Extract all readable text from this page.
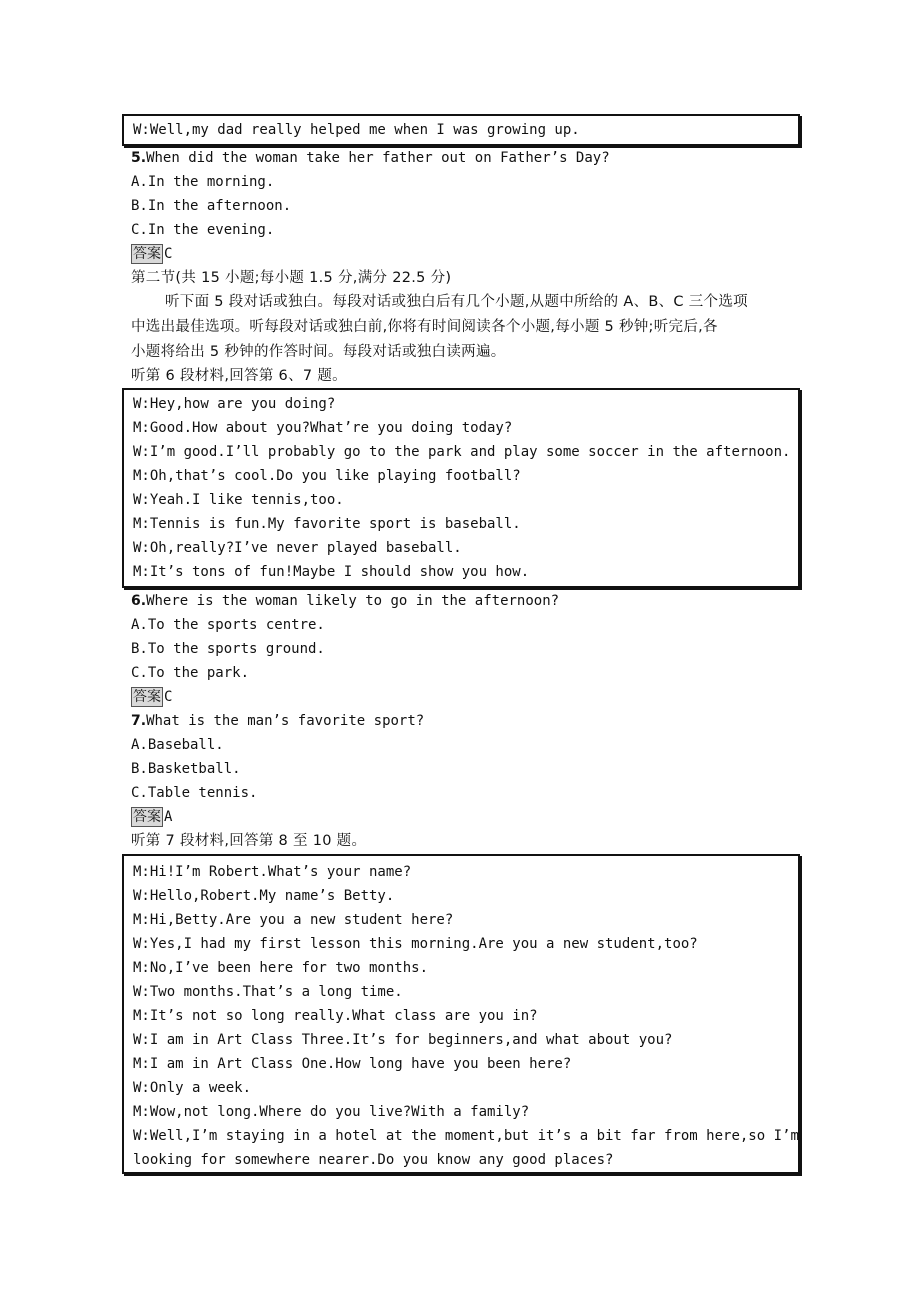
W:Well,my dad really helped me when I was growing up.
5.When did the woman take her father out on Father’s Day?
A.In the morning.
B.In the afternoon.
C.In the evening.
答案 C
第二节(共 15 小题;每小题 1.5 分,满分 22.5 分)
听下面 5 段对话或独白。每段对话或独白后有几个小题,从题中所给的 A、B、C 三个选项
中选出最佳选项。听每段对话或独白前,你将有时间阅读各个小题,每小题 5 秒钟;听完后,各
小题将给出 5 秒钟的作答时间。每段对话或独白读两遍。
听第 6 段材料,回答第 6、7 题。
W:Hey,how are you doing?
M:Good.How about you?What’re you doing today?
W:I’m good.I’ll probably go to the park and play some soccer in the afternoon.
M:Oh,that’s cool.Do you like playing football?
W:Yeah.I like tennis,too.
M:Tennis is fun.My favorite sport is baseball.
W:Oh,really?I’ve never played baseball.
M:It’s tons of fun!Maybe I should show you how.
6.Where is the woman likely to go in the afternoon?
A.To the sports centre.
B.To the sports ground.
C.To the park.
答案 C
7.What is the man’s favorite sport?
A.Baseball.
B.Basketball.
C.Table tennis.
答案 A
听第 7 段材料,回答第 8 至 10 题。
M:Hi!I’m Robert.What’s your name?
W:Hello,Robert.My name’s Betty.
M:Hi,Betty.Are you a new student here?
W:Yes,I had my first lesson this morning.Are you a new student,too?
M:No,I’ve been here for two months.
W:Two months.That’s a long time.
M:It’s not so long really.What class are you in?
W:I am in Art Class Three.It’s for beginners,and what about you?
M:I am in Art Class One.How long have you been here?
W:Only a week.
M:Wow,not long.Where do you live?With a family?
W:Well,I’m staying in a hotel at the moment,but it’s a bit far from here,so I’m
looking for somewhere nearer.Do you know any good places?
